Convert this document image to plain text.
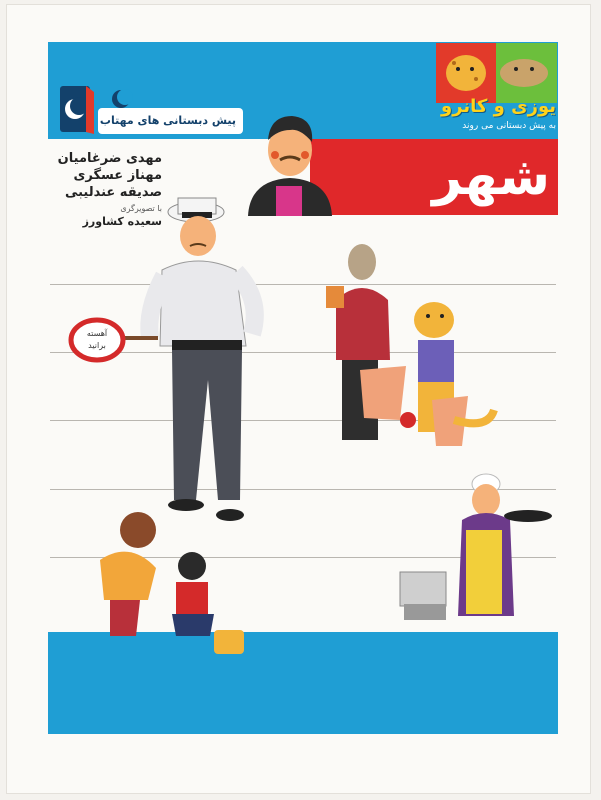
یوزی و کانرو
به پیش دبستانی می روند
پیش دبستانی های مهتاب
شهر
مهدی ضرغامیان
مهناز عسگری
صدیقه عندلیبی
با تصویرگری
سعیده کشاورز
آهسته
برانید
